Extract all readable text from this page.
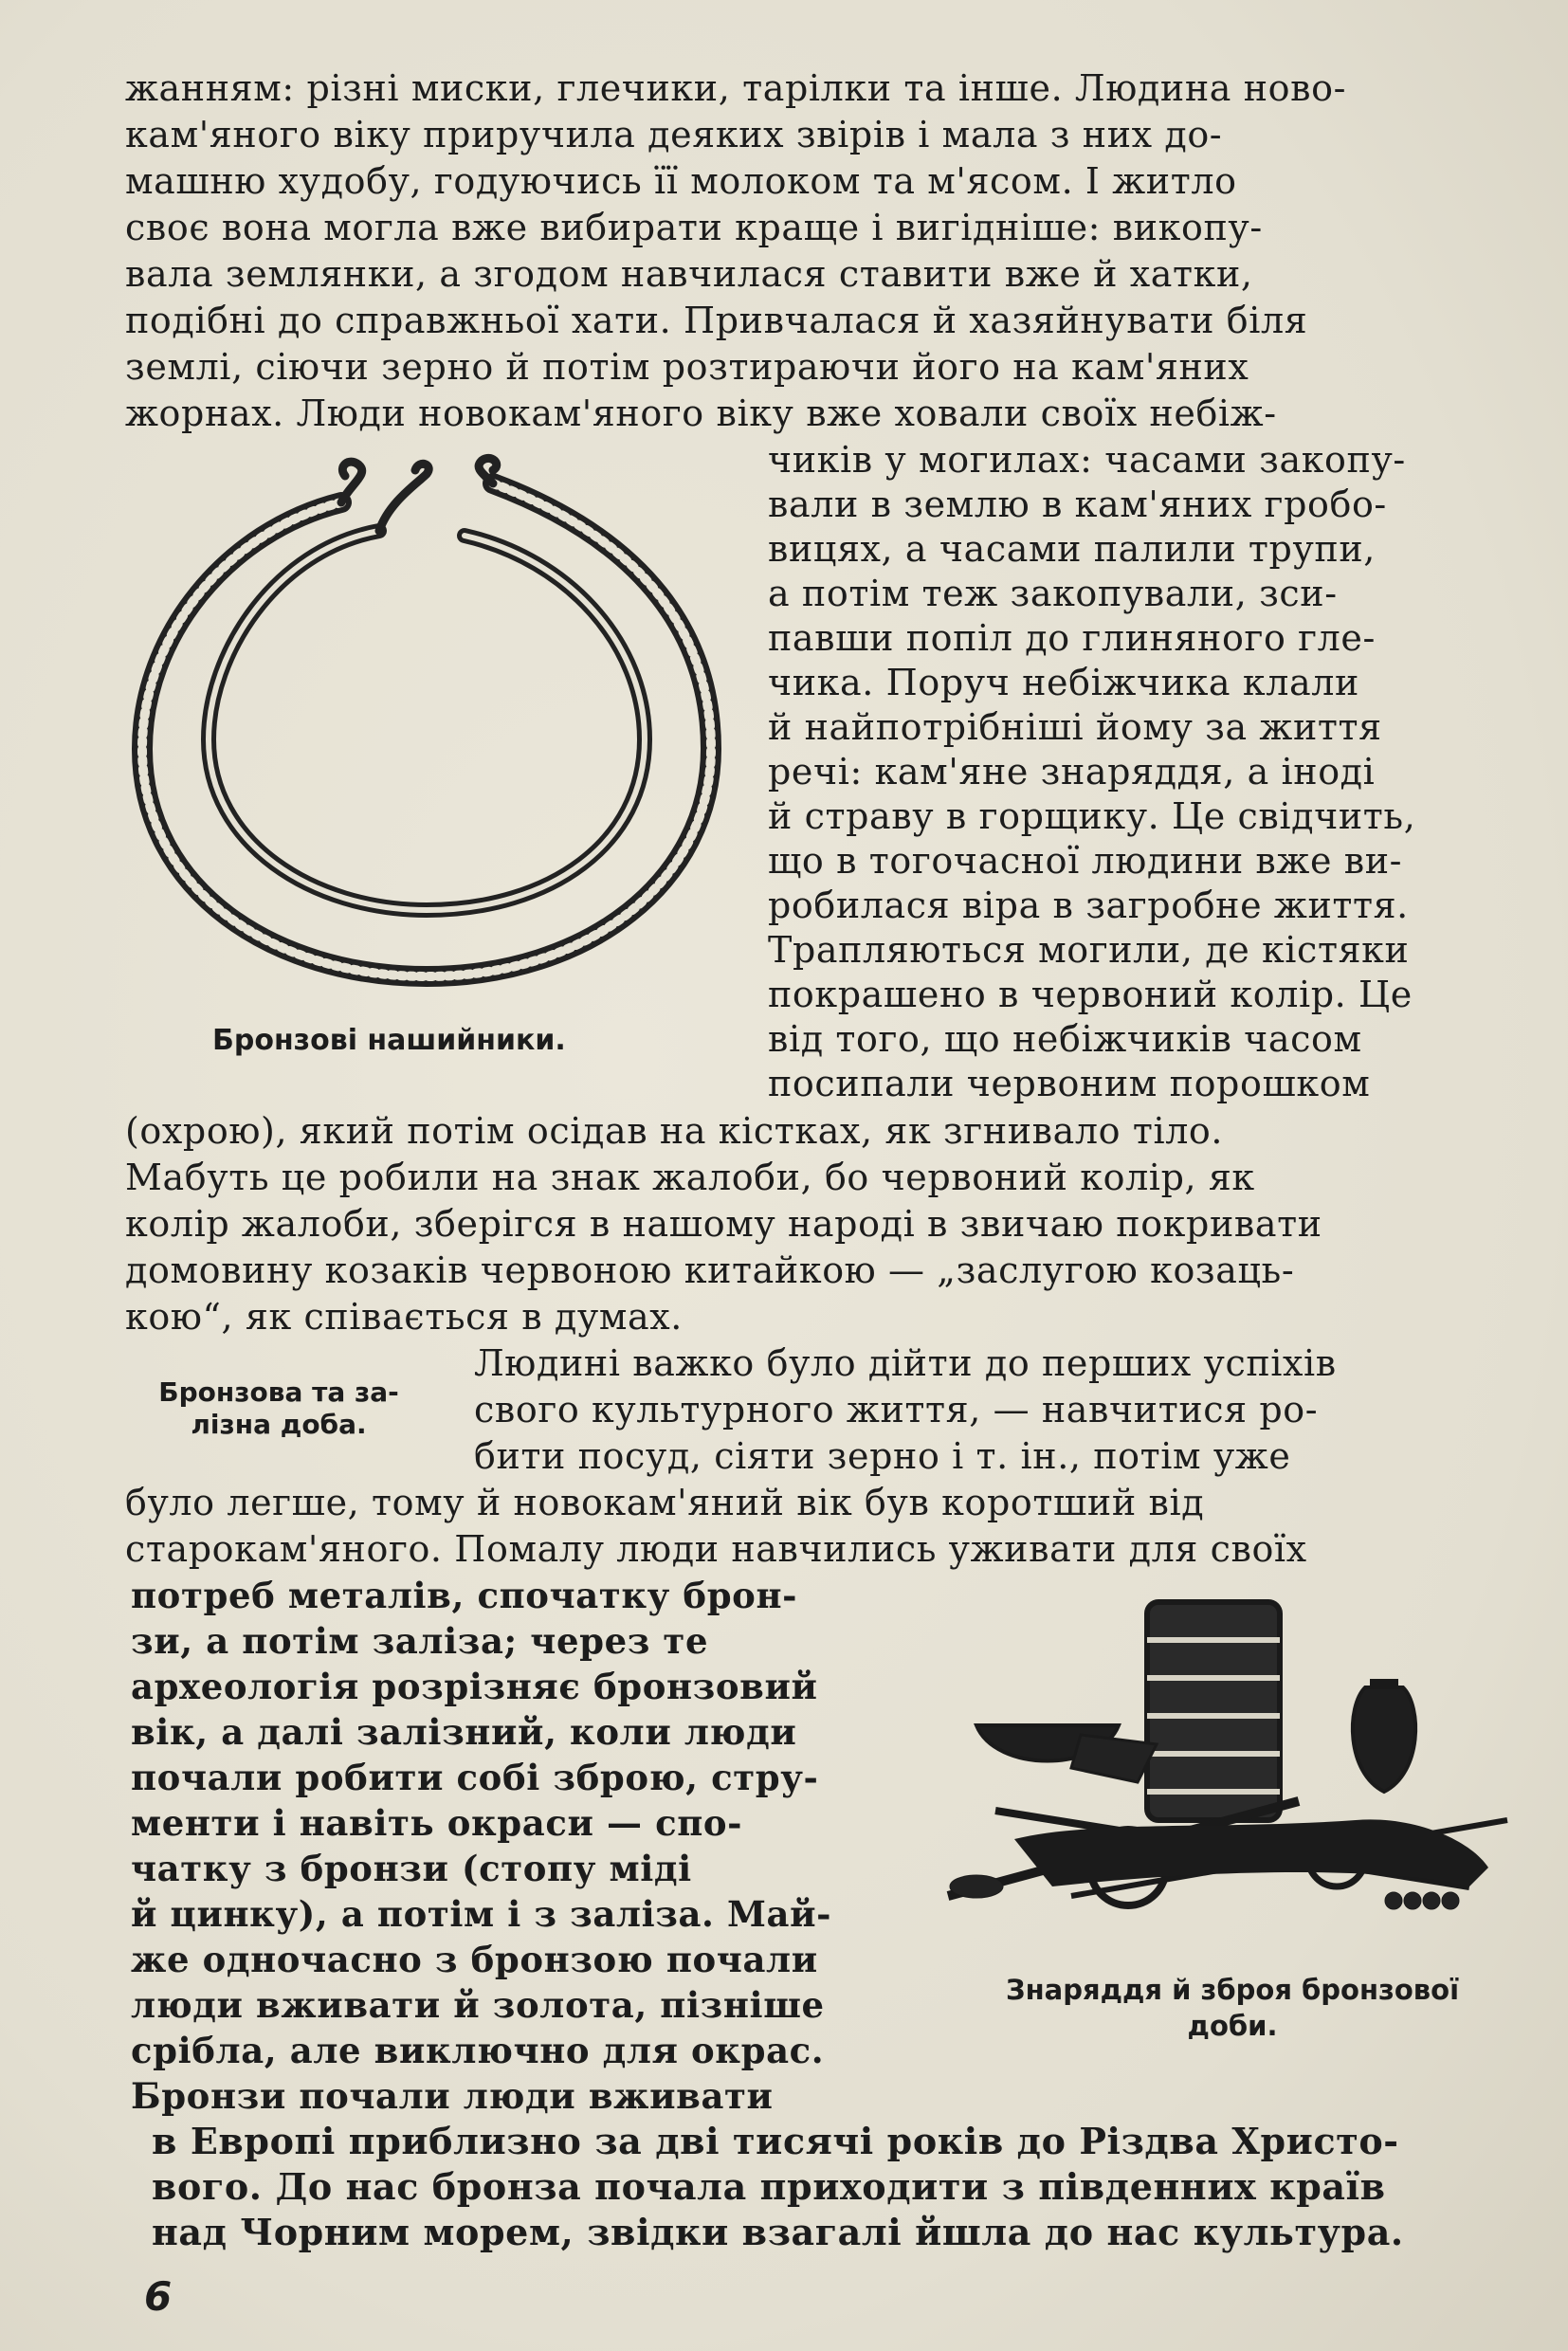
жанням: різні миски, глечики, тарілки та інше. Людина ново-
кам'яного віку приручила деяких звірів і мала з них до-
машню худобу, годуючись її молоком та м'ясом. І житло
своє вона могла вже вибирати краще і вигідніше: викопу-
вала землянки, а згодом навчилася ставити вже й хатки,
подібні до справжньої хати. Привчалася й хазяйнувати біля
землі, сіючи зерно й потім розтираючи його на кам'яних
жорнах. Люди новокам'яного віку вже ховали своїх небіж-
Бронзові нашийники.
чиків у могилах: часами закопу-
вали в землю в кам'яних гробо-
вицях, а часами палили трупи,
а потім теж закопували, зси-
павши попіл до глиняного гле-
чика. Поруч небіжчика клали
й найпотрібніші йому за життя
речі: кам'яне знаряддя, а іноді
й страву в горщику. Це свідчить,
що в тогочасної людини вже ви-
робилася віра в загробне життя.
Трапляються могили, де кістяки
покрашено в червоний колір. Це
від того, що небіжчиків часом
посипали червоним порошком
(охрою), який потім осідав на кістках, як згнивало тіло.
Мабуть це робили на знак жалоби, бо червоний колір, як
колір жалоби, зберігся в нашому народі в звичаю покривати
домовину козаків червоною китайкою — „заслугою козаць-
кою“, як співається в думах.
Бронзова та за-
лізна доба.
Людині важко було дійти до перших успіхів
свого культурного життя, — навчитися ро-
бити посуд, сіяти зерно і т. ін., потім уже
було легше, тому й новокам'яний вік був коротший від
старокам'яного. Помалу люди навчились уживати для своїх
потреб металів, спочатку брон-
зи, а потім заліза; через те
археологія розрізняє бронзовий
вік, а далі залізний, коли люди
почали робити собі зброю, стру-
менти і навіть окраси — спо-
чатку з бронзи (стопу міді
й цинку), а потім і з заліза. Май-
же одночасно з бронзою почали
люди вживати й золота, пізніше
срібла, але виключно для окрас.
Бронзи почали люди вживати
Знаряддя й зброя бронзової
доби.
в Европі приблизно за дві тисячі років до Різдва Христо-
вого. До нас бронза почала приходити з південних країв
над Чорним морем, звідки взагалі йшла до нас культура.
6
